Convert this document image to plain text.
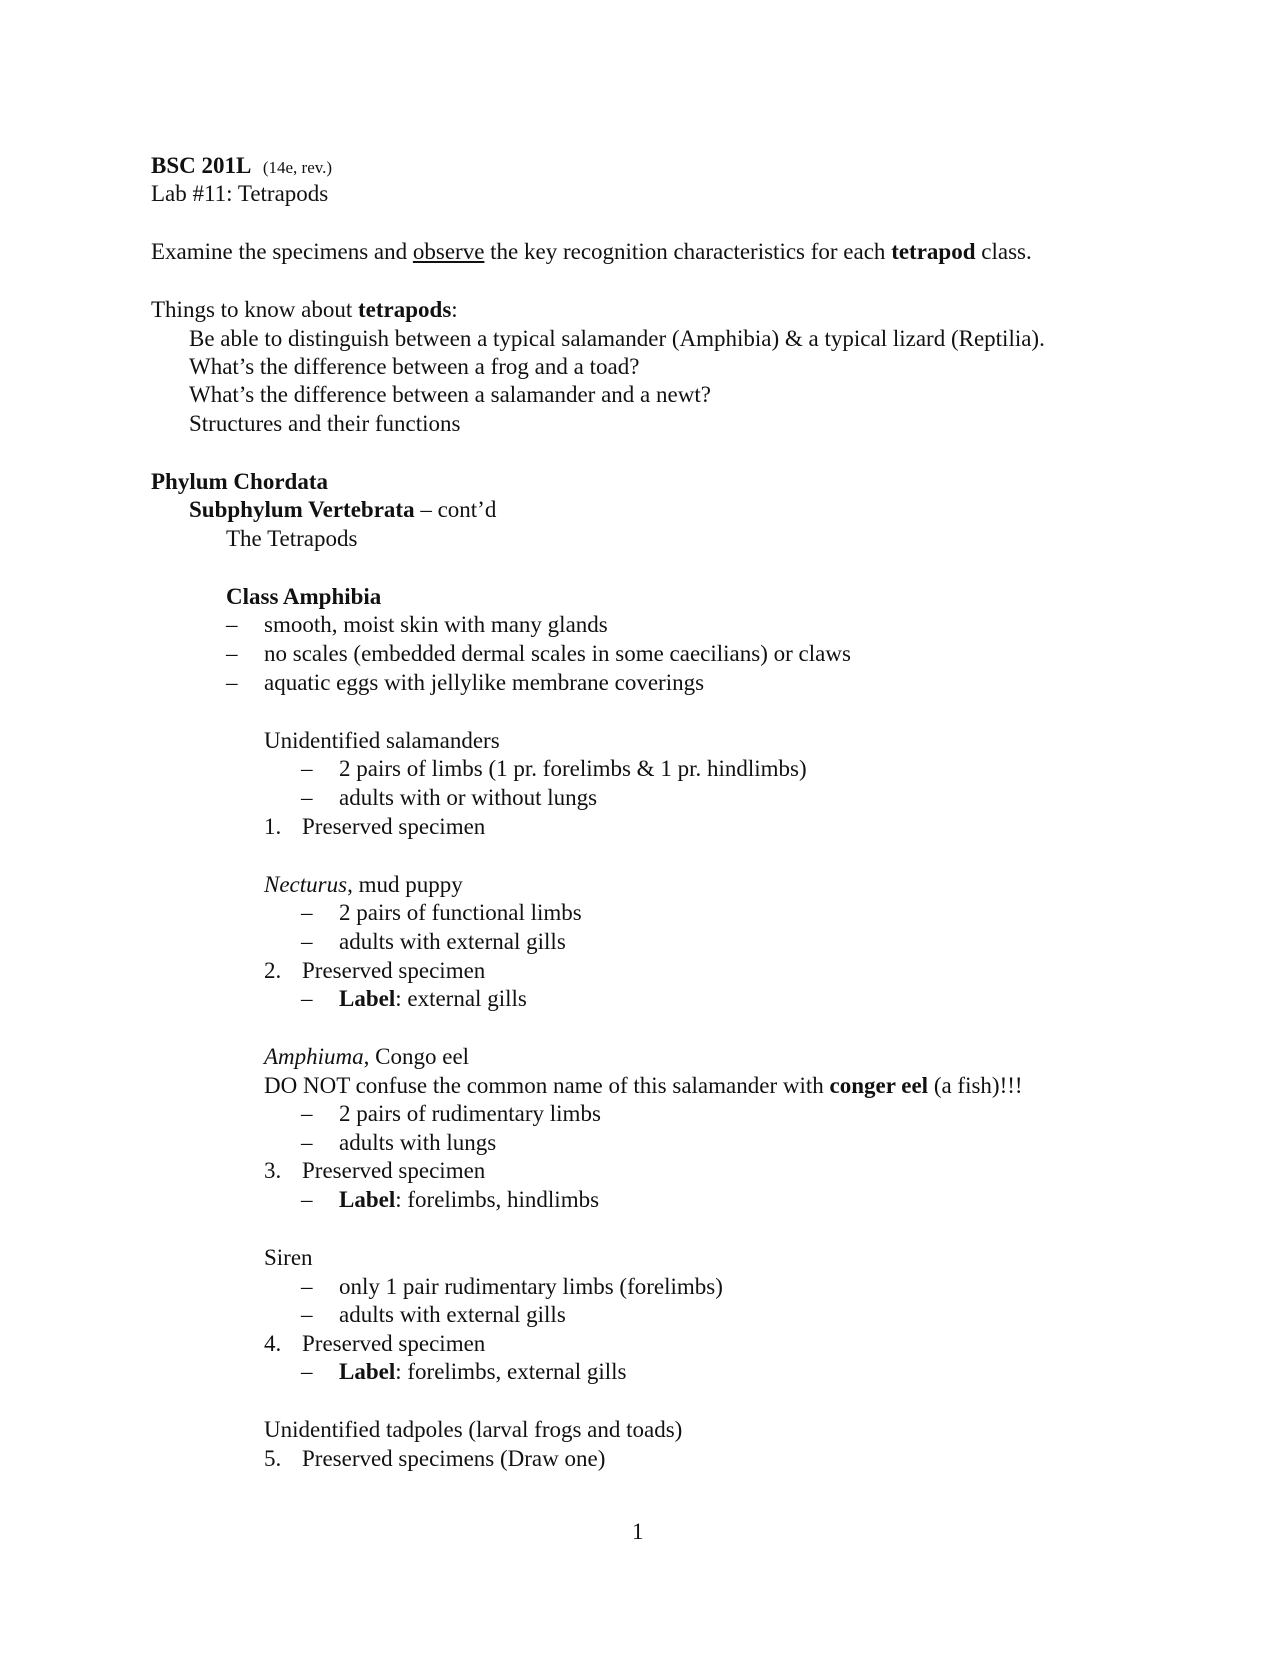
BSC 201L (14e, rev.)
Lab #11: Tetrapods
Examine the specimens and observe the key recognition characteristics for each tetrapod class.
Things to know about tetrapods:
Be able to distinguish between a typical salamander (Amphibia) & a typical lizard (Reptilia).
What’s the difference between a frog and a toad?
What’s the difference between a salamander and a newt?
Structures and their functions
Phylum Chordata
Subphylum Vertebrata – cont’d
The Tetrapods
Class Amphibia
– smooth, moist skin with many glands
– no scales (embedded dermal scales in some caecilians) or claws
– aquatic eggs with jellylike membrane coverings
Unidentified salamanders
– 2 pairs of limbs (1 pr. forelimbs & 1 pr. hindlimbs)
– adults with or without lungs
1. Preserved specimen
Necturus, mud puppy
– 2 pairs of functional limbs
– adults with external gills
2. Preserved specimen
– Label: external gills
Amphiuma, Congo eel
DO NOT confuse the common name of this salamander with conger eel (a fish)!!!
– 2 pairs of rudimentary limbs
– adults with lungs
3. Preserved specimen
– Label: forelimbs, hindlimbs
Siren
– only 1 pair rudimentary limbs (forelimbs)
– adults with external gills
4. Preserved specimen
– Label: forelimbs, external gills
Unidentified tadpoles (larval frogs and toads)
5. Preserved specimens (Draw one)
1
